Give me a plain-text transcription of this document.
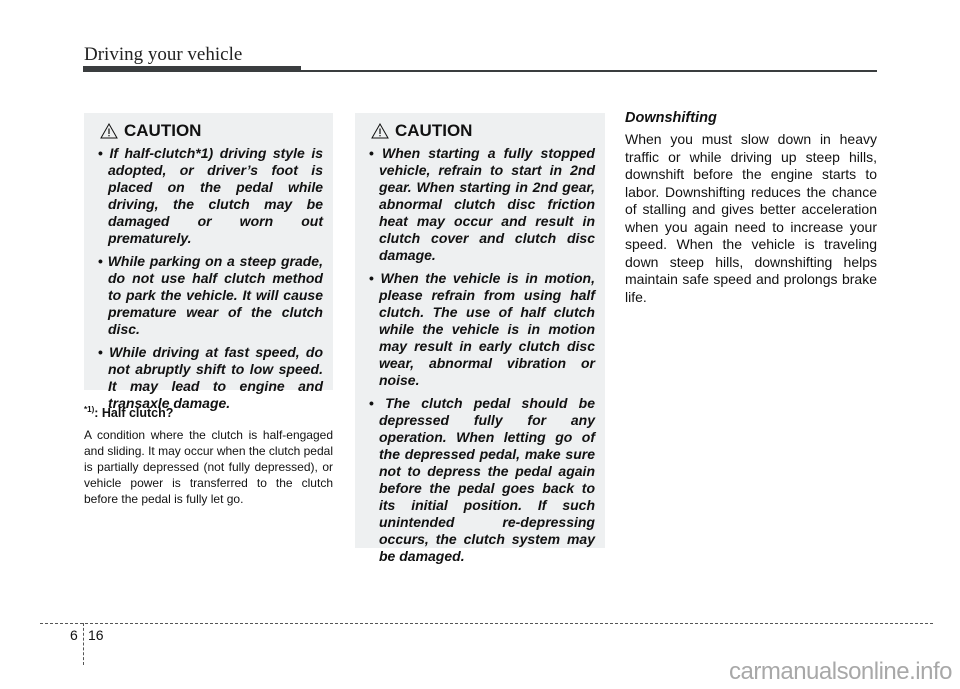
Driving your vehicle
CAUTION
• If half-clutch*1) driving style is adopted, or driver’s foot is placed on the pedal while driving, the clutch may be damaged or worn out prematurely.
• While parking on a steep grade, do not use half clutch method to park the vehicle. It will cause premature wear of the clutch disc.
• While driving at fast speed, do not abruptly shift to low speed. It may lead to engine and transaxle damage.
$^{*1)}$: Half clutch?

A condition where the clutch is half-engaged and sliding. It may occur when the clutch pedal is partially depressed (not fully depressed), or vehicle power is transferred to the clutch before the pedal is fully let go.

CAUTION
• When starting a fully stopped vehicle, refrain to start in 2nd gear. When starting in 2nd gear, abnormal clutch disc friction heat may occur and result in clutch cover and clutch disc damage.
• When the vehicle is in motion, please refrain from using half clutch. The use of half clutch while the vehicle is in motion may result in early clutch disc wear, abnormal vibration or noise.
• The clutch pedal should be depressed fully for any operation. When letting go of the depressed pedal, make sure not to depress the pedal again before the pedal goes back to its initial position. If such unintended re-depressing occurs, the clutch system may be damaged.
Downshifting

When you must slow down in heavy traffic or while driving up steep hills, downshift before the engine starts to labor. Downshifting reduces the chance of stalling and gives better acceleration when you again need to increase your speed. When the vehicle is traveling down steep hills, downshifting helps maintain safe speed and prolongs brake life.

6 16
carmanualsonline.info
